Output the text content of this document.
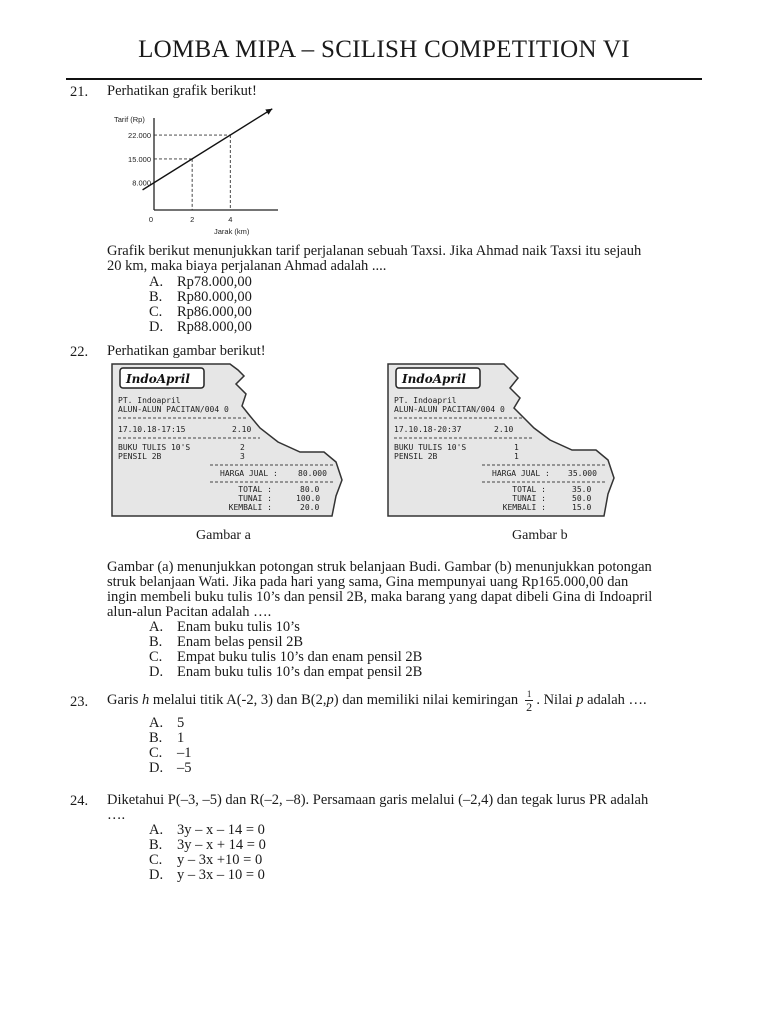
LOMBA MIPA – SCILISH COMPETITION VI
21. Perhatikan grafik berikut!
Tarif (Rp)
Jarak (km)
8.000
15.000
22.000
0	2	4
Grafik berikut menunjukkan tarif perjalanan sebuah Taxsi. Jika Ahmad naik Taxsi itu sejauh
20 km, maka biaya perjalanan Ahmad adalah ....
A. Rp78.000,00
B. Rp80.000,00
C. Rp86.000,00
D. Rp88.000,00
22. Perhatikan gambar berikut!
IndoApril
PT. Indoapril
ALUN-ALUN PACITAN/004 0
17.10.18-17:15	2.10
BUKU TULIS 10'S	2
PENSIL 2B	3
HARGA JUAL :	80.000
TOTAL :	80.0
TUNAI :	100.0
KEMBALI :	20.0
IndoApril
PT. Indoapril
ALUN-ALUN PACITAN/004 0
17.10.18-20:37	2.10
BUKU TULIS 10'S	1
PENSIL 2B	1
HARGA JUAL : 35.000
TOTAL :	35.0
TUNAI :	50.0
KEMBALI :	15.0
Gambar a	Gambar b
Gambar (a) menunjukkan potongan struk belanjaan Budi. Gambar (b) menunjukkan potongan
struk belanjaan Wati. Jika pada hari yang sama, Gina mempunyai uang Rp165.000,00 dan
ingin membeli buku tulis 10’s dan pensil 2B, maka barang yang dapat dibeli Gina di Indoapril
alun-alun Pacitan adalah ….
A. Enam buku tulis 10’s
B. Enam belas pensil 2B
C. Empat buku tulis 10’s dan enam pensil 2B
D. Enam buku tulis 10’s dan empat pensil 2B
23. Garis h melalui titik A(-2, 3) dan B(2,p) dan memiliki nilai kemiringan $\frac{1}{2}$ . Nilai p adalah ….
A. 5
B. 1
C. –1
D. –5
24. Diketahui P(–3, –5) dan R(–2, –8). Persamaan garis melalui (–2,4) dan tegak lurus PR adalah
….
A. 3y – x – 14 = 0
B. 3y – x + 14 = 0
C. y – 3x +10 = 0
D. y – 3x – 10 = 0
